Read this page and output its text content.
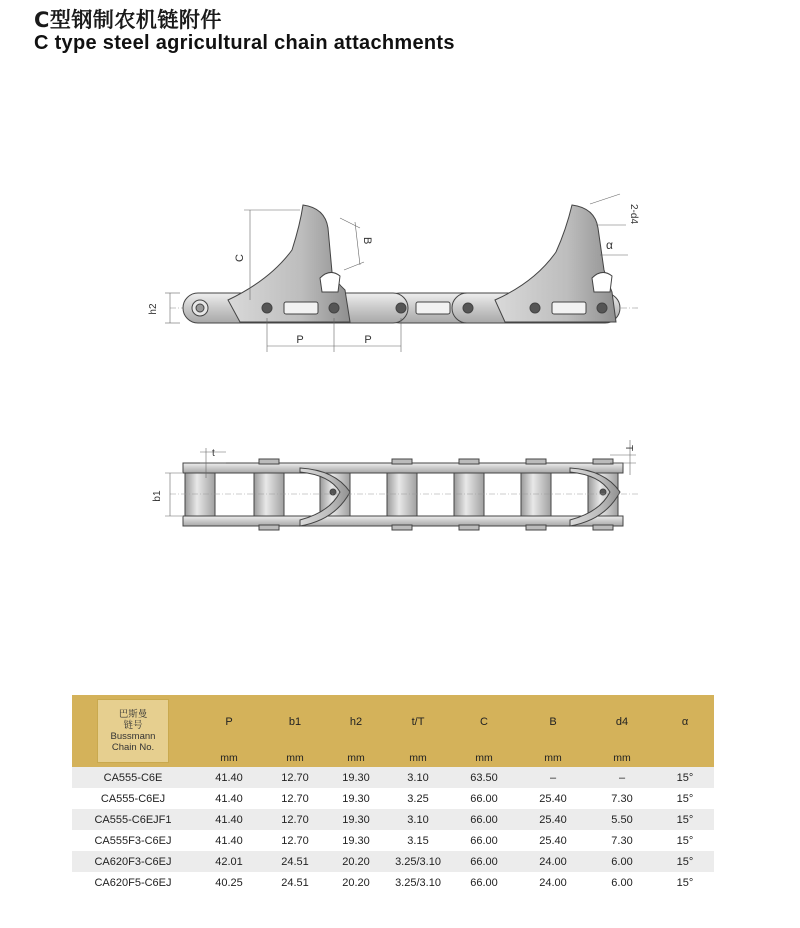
C型钢制农机链附件
C type steel agricultural chain attachments
C
B
h2
P	P
2-d4
α
t	T
b1
巴斯曼
链号
Bussmann
Chain No.	P	b1	h2	t/T	C	B	d4	α
	mm	mm	mm	mm	mm	mm	mm	
CA555-C6E	41.40	12.70	19.30	3.10	63.50	–	–	15°
CA555-C6EJ	41.40	12.70	19.30	3.25	66.00	25.40	7.30	15°
CA555-C6EJF1	41.40	12.70	19.30	3.10	66.00	25.40	5.50	15°
CA555F3-C6EJ	41.40	12.70	19.30	3.15	66.00	25.40	7.30	15°
CA620F3-C6EJ	42.01	24.51	20.20	3.25/3.10	66.00	24.00	6.00	15°
CA620F5-C6EJ	40.25	24.51	20.20	3.25/3.10	66.00	24.00	6.00	15°
